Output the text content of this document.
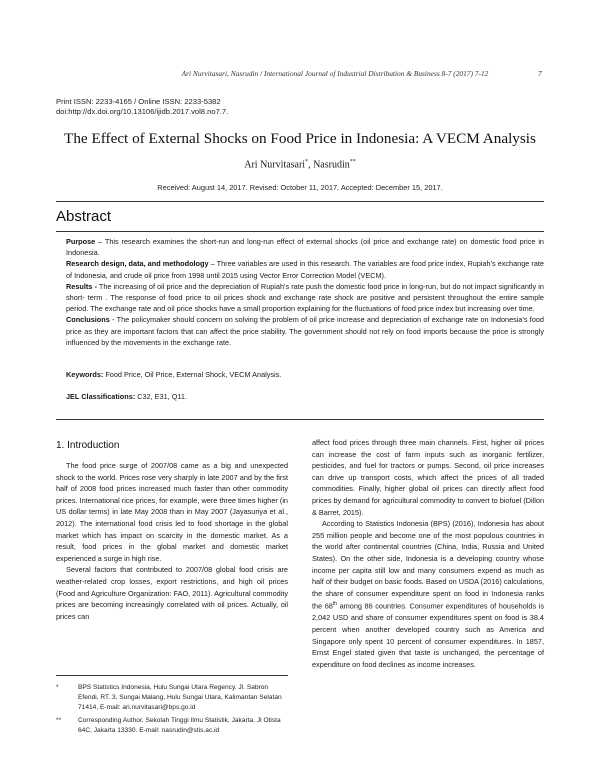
Ari Nurvitasari, Nasrudin / International Journal of Industrial Distribution & Business 8-7 (2017) 7-12	7
Print ISSN: 2233-4165 / Online ISSN: 2233-5382
doi:http://dx.doi.org/10.13106/ijidb.2017.vol8.no7.7.
The Effect of External Shocks on Food Price in Indonesia: A VECM Analysis
Ari Nurvitasari*, Nasrudin**
Received: August 14, 2017. Revised: October 11, 2017. Accepted: December 15, 2017.
Abstract

Purpose – This research examines the short-run and long-run effect of external shocks (oil price and exchange rate) on domestic food price in Indonesia.

Research design, data, and methodology – Three variables are used in this research. The variables are food price index, Rupiah's exchange rate of Indonesia, and crude oil price from 1998 until 2015 using Vector Error Correction Model (VECM).

Results - The increasing of oil price and the depreciation of Rupiah's rate push the domestic food price in long-run, but do not impact significantly in short- term . The response of food price to oil prices shock and exchange rate shock are positive and persistent throughout the entire sample period. The exchange rate and oil price shocks have a small proportion explaining for the fluctuations of food price index but increasing over time.

Conclusions - The policymaker should concern on solving the problem of oil price increase and depreciation of exchange rate on Indonesia's food price as they are important factors that can affect the price stability. The government should not rely on food imports because the price is strongly influenced by the movements in the exchange rate.

Keywords: Food Price, Oil Price, External Shock, VECM Analysis.
JEL Classifications: C32, E31, Q11.
1. Introduction

The food price surge of 2007/08 came as a big and unexpected shock to the world. Prices rose very sharply in late 2007 and by the first half of 2008 food prices increased much faster than other commodity prices. International rice prices, for example, were three times higher (in US dollar terms) in late May 2008 than in May 2007 (Jayasuriya et al., 2012). The international food crisis led to food shortage in the global market which has impact on scarcity in the domestic market. As a result, food prices in the global market and domestic market experienced a surge in high rise.

Several factors that contributed to 2007/08 global food crisis are weather-related crop losses, export restrictions, and high oil prices (Food and Agriculture Organization: FAO, 2011). Agricultural commodity prices are becoming increasingly correlated with oil prices. Actually, oil prices can

affect food prices through three main channels. First, higher oil prices can increase the cost of farm inputs such as inorganic fertilizer, pesticides, and fuel for tractors or pumps. Second, oil price increases can drive up transport costs, which affect the prices of all traded commodities. Finally, higher global oil prices can directly affect food prices by demand for agricultural commodity to convert to biofuel (Dillon & Barret, 2015).

According to Statistics Indonesia (BPS) (2016), Indonesia has about 255 million people and become one of the most populous countries in the world after continental countries (China, India, Russia and United States). On the other side, Indonesia is a developing country whose income per capita still low and many consumers expend as much as half of their budget on basic foods. Based on USDA (2016) calculations, the share of consumer expenditure spent on food in Indonesia ranks the 68th among 86 countries. Consumer expenditures of households is 2,042 USD and share of consumer expenditures spent on food is 38.4 percent when another developed country such as America and Singapore only spent 10 percent of consumer expenditures. In 1857, Ernst Engel stated given that taste is unchanged, the percentage of expenditure on food declines as income increases.

*	BPS Statistics Indonesia, Hulu Sungai Utara Regency. Jl. Sabron Efendi, RT. 3, Sungai Malang, Hulu Sungai Utara, Kalimantan Selatan 71414, E-mail: ari.nurvitasari@bps.go.id
**	Corresponding Author, Sekolah Tinggi Ilmu Statistik, Jakarta. Jl Otista 64C, Jakarta 13330. E-mail: nasrudin@stis.ac.id
